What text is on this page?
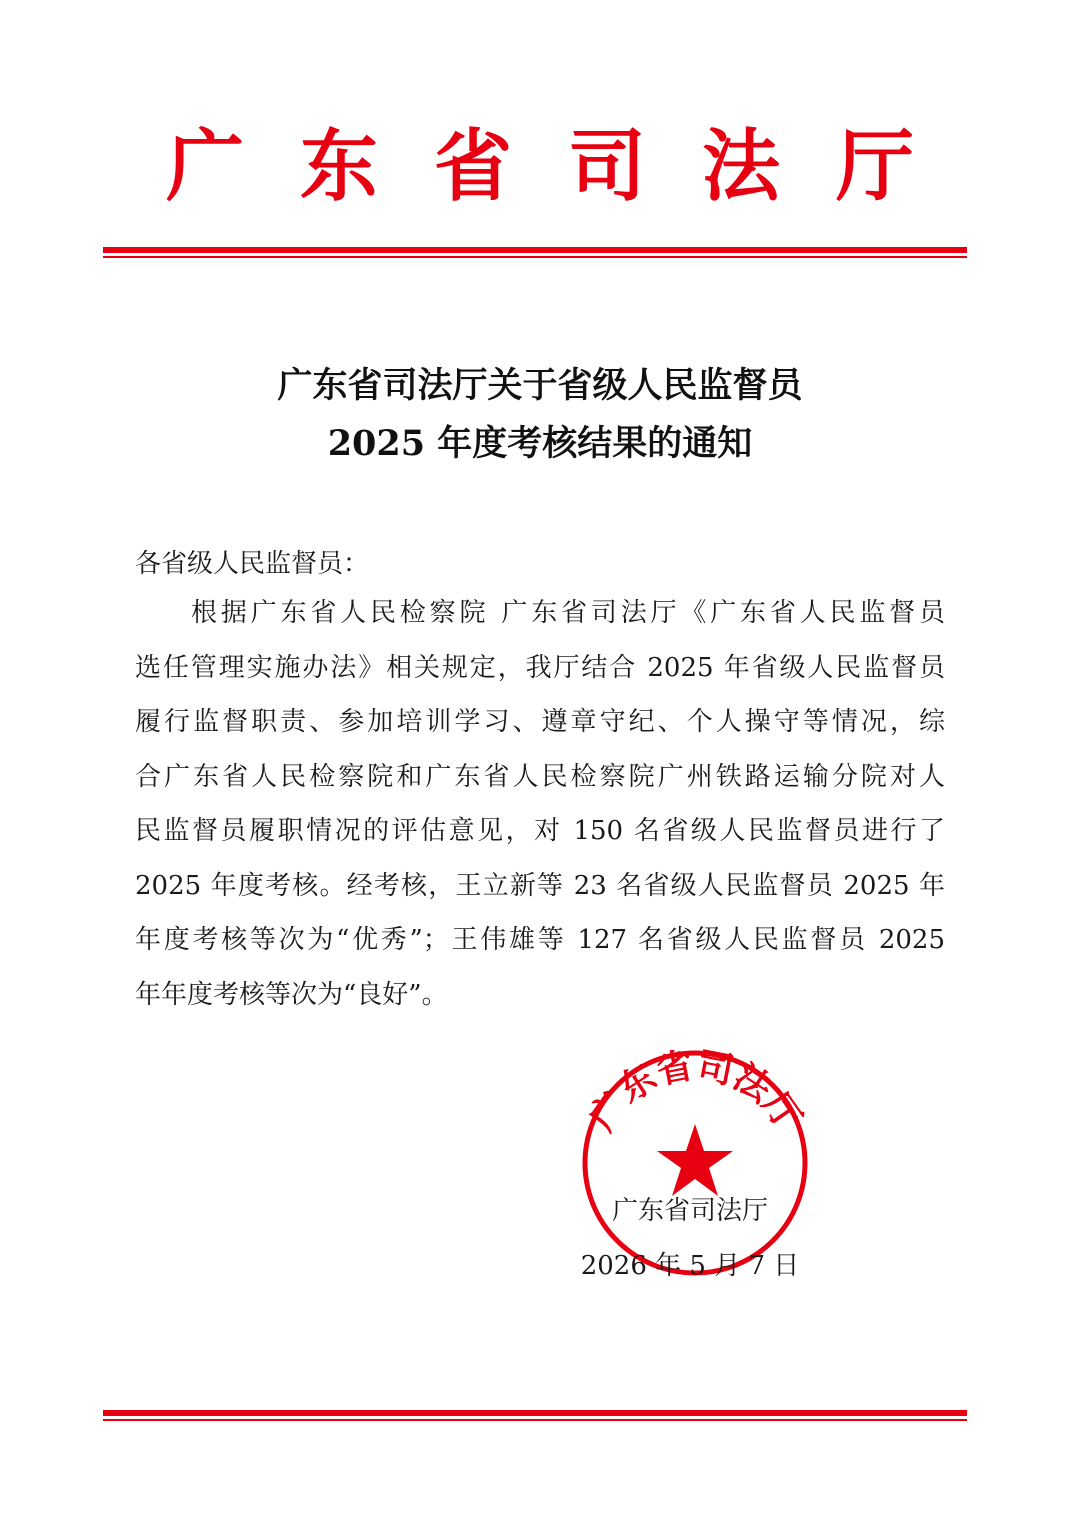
广 东 省 司 法 厅
广东省司法厅关于省级人民监督员
2025 年度考核结果的通知
各省级人民监督员：
根据广东省人民检察院 广东省司法厅《广东省人民监督员
选任管理实施办法》相关规定，我厅结合 2025 年省级人民监督员
履行监督职责、参加培训学习、遵章守纪、个人操守等情况，综
合广东省人民检察院和广东省人民检察院广州铁路运输分院对人
民监督员履职情况的评估意见，对 150 名省级人民监督员进行了
2025 年度考核。经考核，王立新等 23 名省级人民监督员 2025 年
年度考核等次为“优秀”；王伟雄等 127 名省级人民监督员 2025
年年度考核等次为“良好”。
广东省司法厅
广东省司法厅
2026 年 5 月 7 日
